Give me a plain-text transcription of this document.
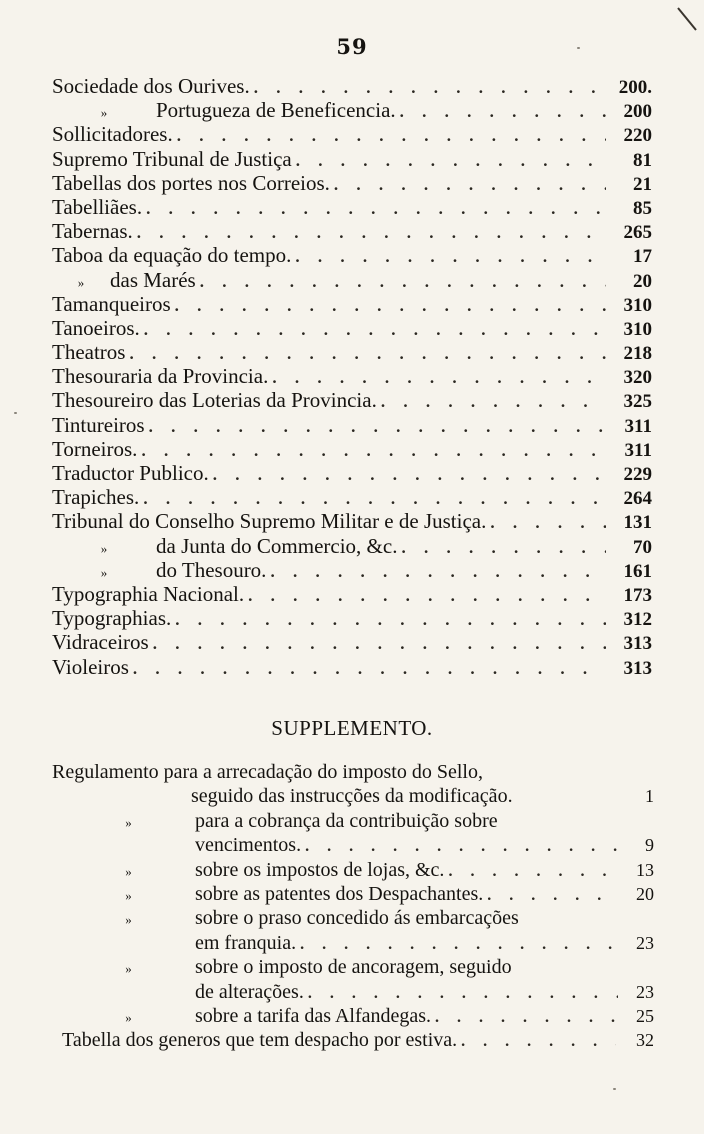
59
Sociedade dos Ourives. . . .	200.
»	Portugueza de Beneficencia. . . .	200
Sollicitadores. . . .	220
Supremo Tribunal de Justiça . . .	81
Tabellas dos portes nos Correios. . . .	21
Tabelliães. . . .	85
Tabernas. . . .	265
Taboa da equação do tempo. . . .	17
»	das Marés . . .	20
Tamanqueiros . . .	310
Tanoeiros. . . .	310
Theatros . . .	218
Thesouraria da Provincia. . . .	320
Thesoureiro das Loterias da Provincia. . . .	325
Tintureiros . . .	311
Torneiros. . . .	311
Traductor Publico. . . .	229
Trapiches. . . .	264
Tribunal do Conselho Supremo Militar e de Justiça. . . .	131
»	da Junta do Commercio, &c. . . .	70
»	do Thesouro. . . .	161
Typographia Nacional. . . .	173
Typographias. . . .	312
Vidraceiros . . .	313
Violeiros . . .	313
SUPPLEMENTO.
Regulamento para a arrecadação do imposto do Sello,
seguido das instrucções da modificação.	1
»	para a cobrança da contribuição sobre
vencimentos. . . .	9
»	sobre os impostos de lojas, &c. . . .	13
»	sobre as patentes dos Despachantes. . . .	20
»	sobre o praso concedido ás embarcações
em franquia. . . .	23
»	sobre o imposto de ancoragem, seguido
de alterações. . . .	23
»	sobre a tarifa das Alfandegas. . . .	25
Tabella dos generos que tem despacho por estiva. . . .	32
